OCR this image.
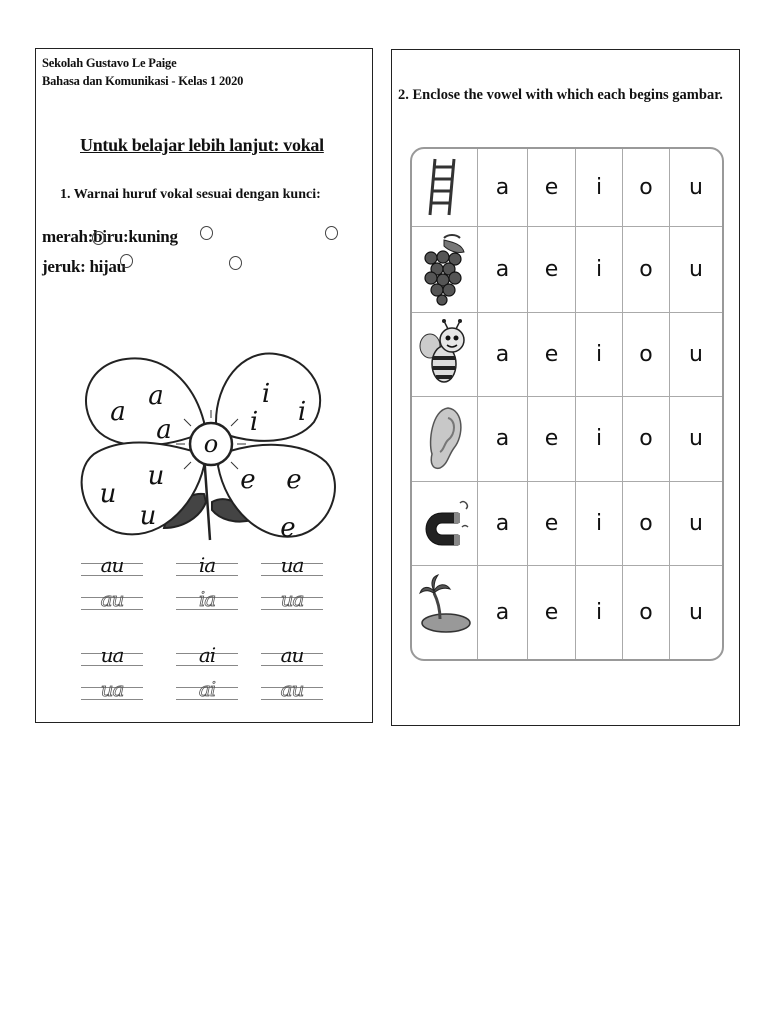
Sekolah Gustavo Le Paige
Bahasa dan Komunikasi - Kelas 1 2020
Untuk belajar lebih lanjut: vokal
1. Warnai huruf vokal sesuai dengan kunci:
merah:biru:kuning
jeruk: hijau
a
a
a
i
i
i
o
u
u
u
e e
e
au	ia	ua
au	ia	ua
ua	ai	au
ua	ai	au
2. Enclose the vowel with which each begins gambar.
a	e	i	o	u
a	e	i	o	u
a	e	i	o	u
a	e	i	o	u
a	e	i	o	u
a	e	i	o	u
